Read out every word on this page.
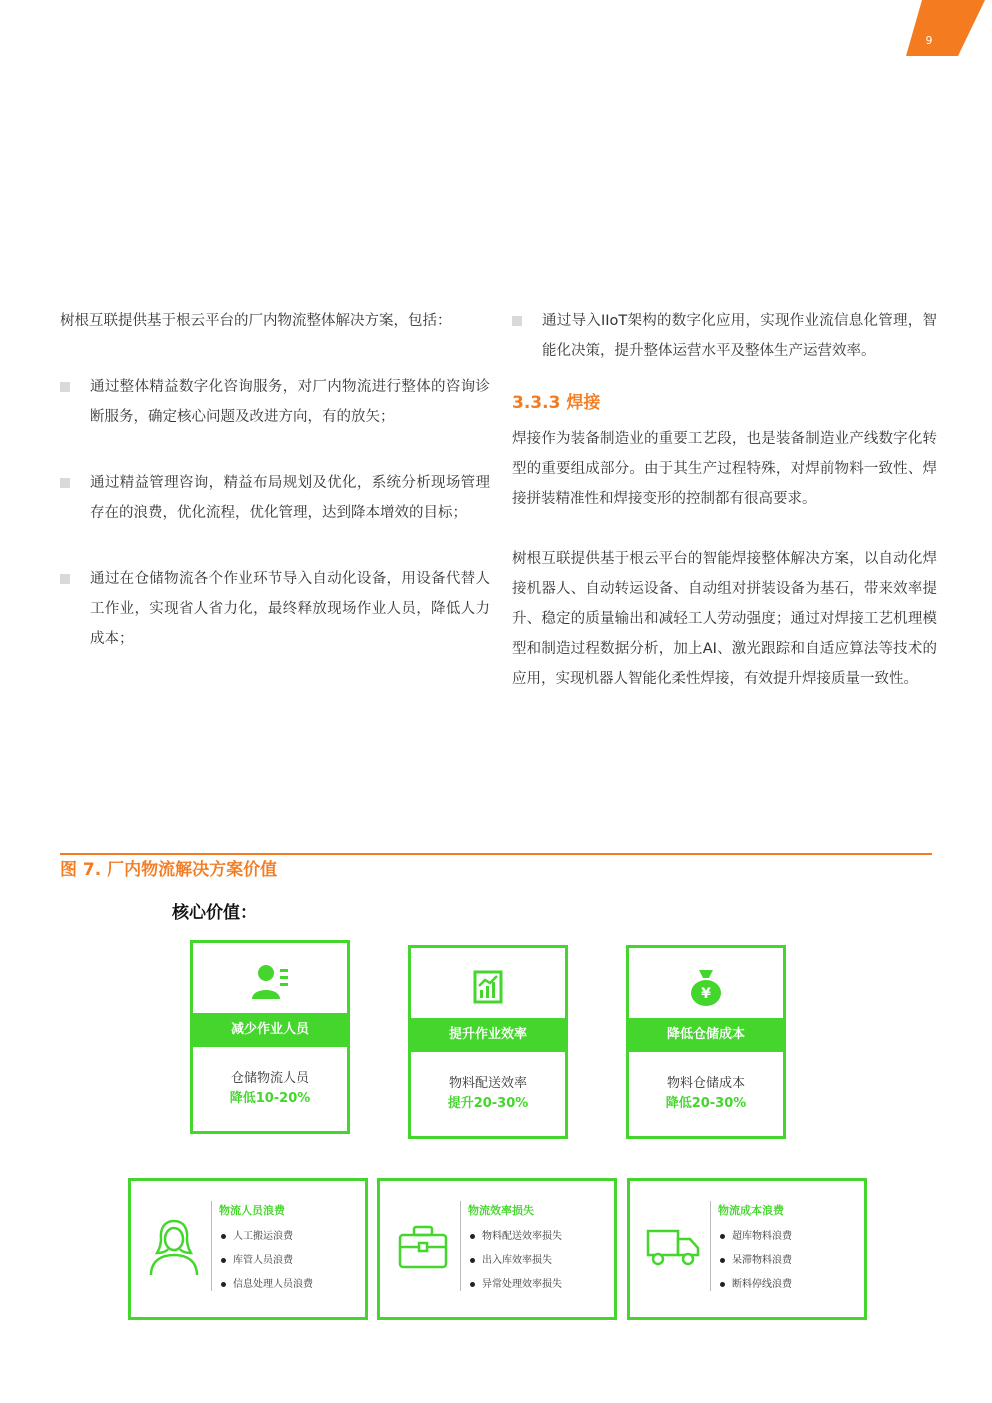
9

树根互联提供基于根云平台的厂内物流整体解决方案，包括：

通过整体精益数字化咨询服务，对厂内物流进行整体的咨询诊断服务，确定核心问题及改进方向，有的放矢；

通过精益管理咨询，精益布局规划及优化，系统分析现场管理存在的浪费，优化流程，优化管理，达到降本增效的目标；

通过在仓储物流各个作业环节导入自动化设备，用设备代替人工作业，实现省人省力化，最终释放现场作业人员，降低人力成本；

通过导入IIoT架构的数字化应用，实现作业流信息化管理，智能化决策，提升整体运营水平及整体生产运营效率。

3.3.3 焊接

焊接作为装备制造业的重要工艺段，也是装备制造业产线数字化转型的重要组成部分。由于其生产过程特殊，对焊前物料一致性、焊接拼装精准性和焊接变形的控制都有很高要求。

树根互联提供基于根云平台的智能焊接整体解决方案，以自动化焊接机器人、自动转运设备、自动组对拼装设备为基石，带来效率提升、稳定的质量输出和减轻工人劳动强度；通过对焊接工艺机理模型和制造过程数据分析，加上AI、激光跟踪和自适应算法等技术的应用，实现机器人智能化柔性焊接，有效提升焊接质量一致性。

图 7. 厂内物流解决方案价值
核心价值：
减少作业人员
仓储物流人员
降低10-20%
提升作业效率
物料配送效率
提升20-30%
¥
降低仓储成本
物料仓储成本
降低20-30%
物流人员浪费
人工搬运浪费
库管人员浪费
信息处理人员浪费
物流效率损失
物料配送效率损失
出入库效率损失
异常处理效率损失
物流成本浪费
超库物料浪费
呆滞物料浪费
断料停线浪费
